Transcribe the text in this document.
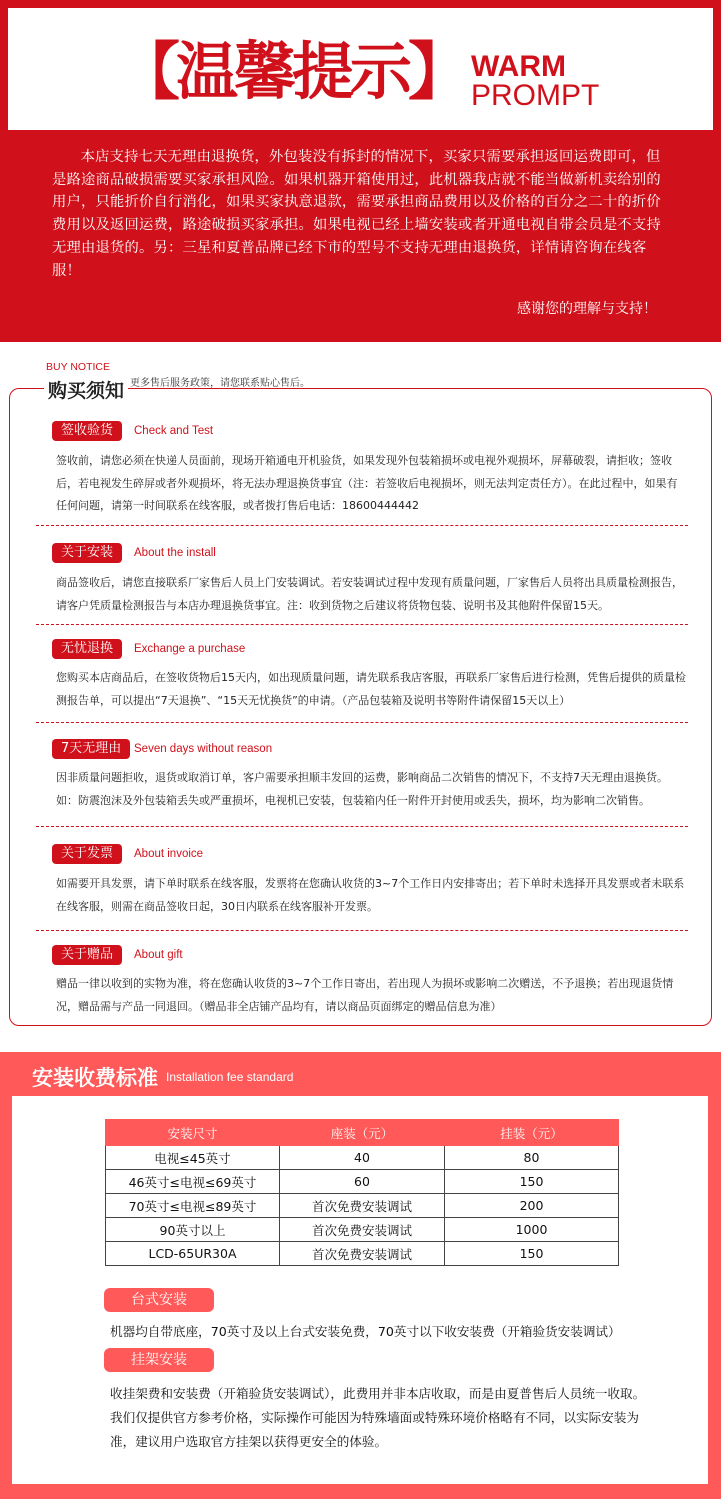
【温馨提示】 WARM
PROMPT

本店支持七天无理由退换货，外包装没有拆封的情况下，买家只需要承担返回运费即可，但是路途商品破损需要买家承担风险。如果机器开箱使用过，此机器我店就不能当做新机卖给别的用户，只能折价自行消化，如果买家执意退款，需要承担商品费用以及价格的百分之二十的折价费用以及返回运费，路途破损买家承担。如果电视已经上墙安装或者开通电视自带会员是不支持无理由退货的。另：三星和夏普品牌已经下市的型号不支持无理由退换货，详情请咨询在线客服！

感谢您的理解与支持！
BUY NOTICE
购买须知 更多售后服务政策，请您联系贴心售后。
签收验货	Check and Test

签收前，请您必须在快递人员面前，现场开箱通电开机验货，如果发现外包装箱损坏或电视外观损坏，屏幕破裂，请拒收；签收后，若电视发生碎屏或者外观损坏，将无法办理退换货事宜（注：若签收后电视损坏，则无法判定责任方）。在此过程中，如果有任何问题，请第一时间联系在线客服，或者拨打售后电话：18600444442

关于安装	About the install

商品签收后，请您直接联系厂家售后人员上门安装调试。若安装调试过程中发现有质量问题，厂家售后人员将出具质量检测报告，请客户凭质量检测报告与本店办理退换货事宜。注：收到货物之后建议将货物包装、说明书及其他附件保留15天。

无忧退换	Exchange a purchase

您购买本店商品后，在签收货物后15天内，如出现质量问题，请先联系我店客服，再联系厂家售后进行检测，凭售后提供的质量检测报告单，可以提出“7天退换”、“15天无忧换货”的申请。（产品包装箱及说明书等附件请保留15天以上）

7天无理由	Seven days without reason

因非质量问题拒收，退货或取消订单，客户需要承担顺丰发回的运费，影响商品二次销售的情况下，不支持7天无理由退换货。如：防震泡沫及外包装箱丢失或严重损坏，电视机已安装，包装箱内任一附件开封使用或丢失，损坏，均为影响二次销售。

关于发票	About invoice

如需要开具发票，请下单时联系在线客服，发票将在您确认收货的3~7个工作日内安排寄出；若下单时未选择开具发票或者未联系在线客服，则需在商品签收日起，30日内联系在线客服补开发票。

关于赠品	About gift

赠品一律以收到的实物为准，将在您确认收货的3~7个工作日寄出，若出现人为损坏或影响二次赠送，不予退换；若出现退货情况，赠品需与产品一同退回。（赠品非全店铺产品均有，请以商品页面绑定的赠品信息为准）

安装收费标准 Installation fee standard
安装尺寸	座装（元）	挂装（元）
电视≤45英寸	40	80
46英寸≤电视≤69英寸	60	150
70英寸≤电视≤89英寸	首次免费安装调试	200
90英寸以上	首次免费安装调试	1000
LCD-65UR30A	首次免费安装调试	150
台式安装

机器均自带底座，70英寸及以上台式安装免费，70英寸以下收安装费（开箱验货安装调试）

挂架安装

收挂架费和安装费（开箱验货安装调试），此费用并非本店收取，而是由夏普售后人员统一收取。我们仅提供官方参考价格，实际操作可能因为特殊墙面或特殊环境价格略有不同，以实际安装为准，建议用户选取官方挂架以获得更安全的体验。
